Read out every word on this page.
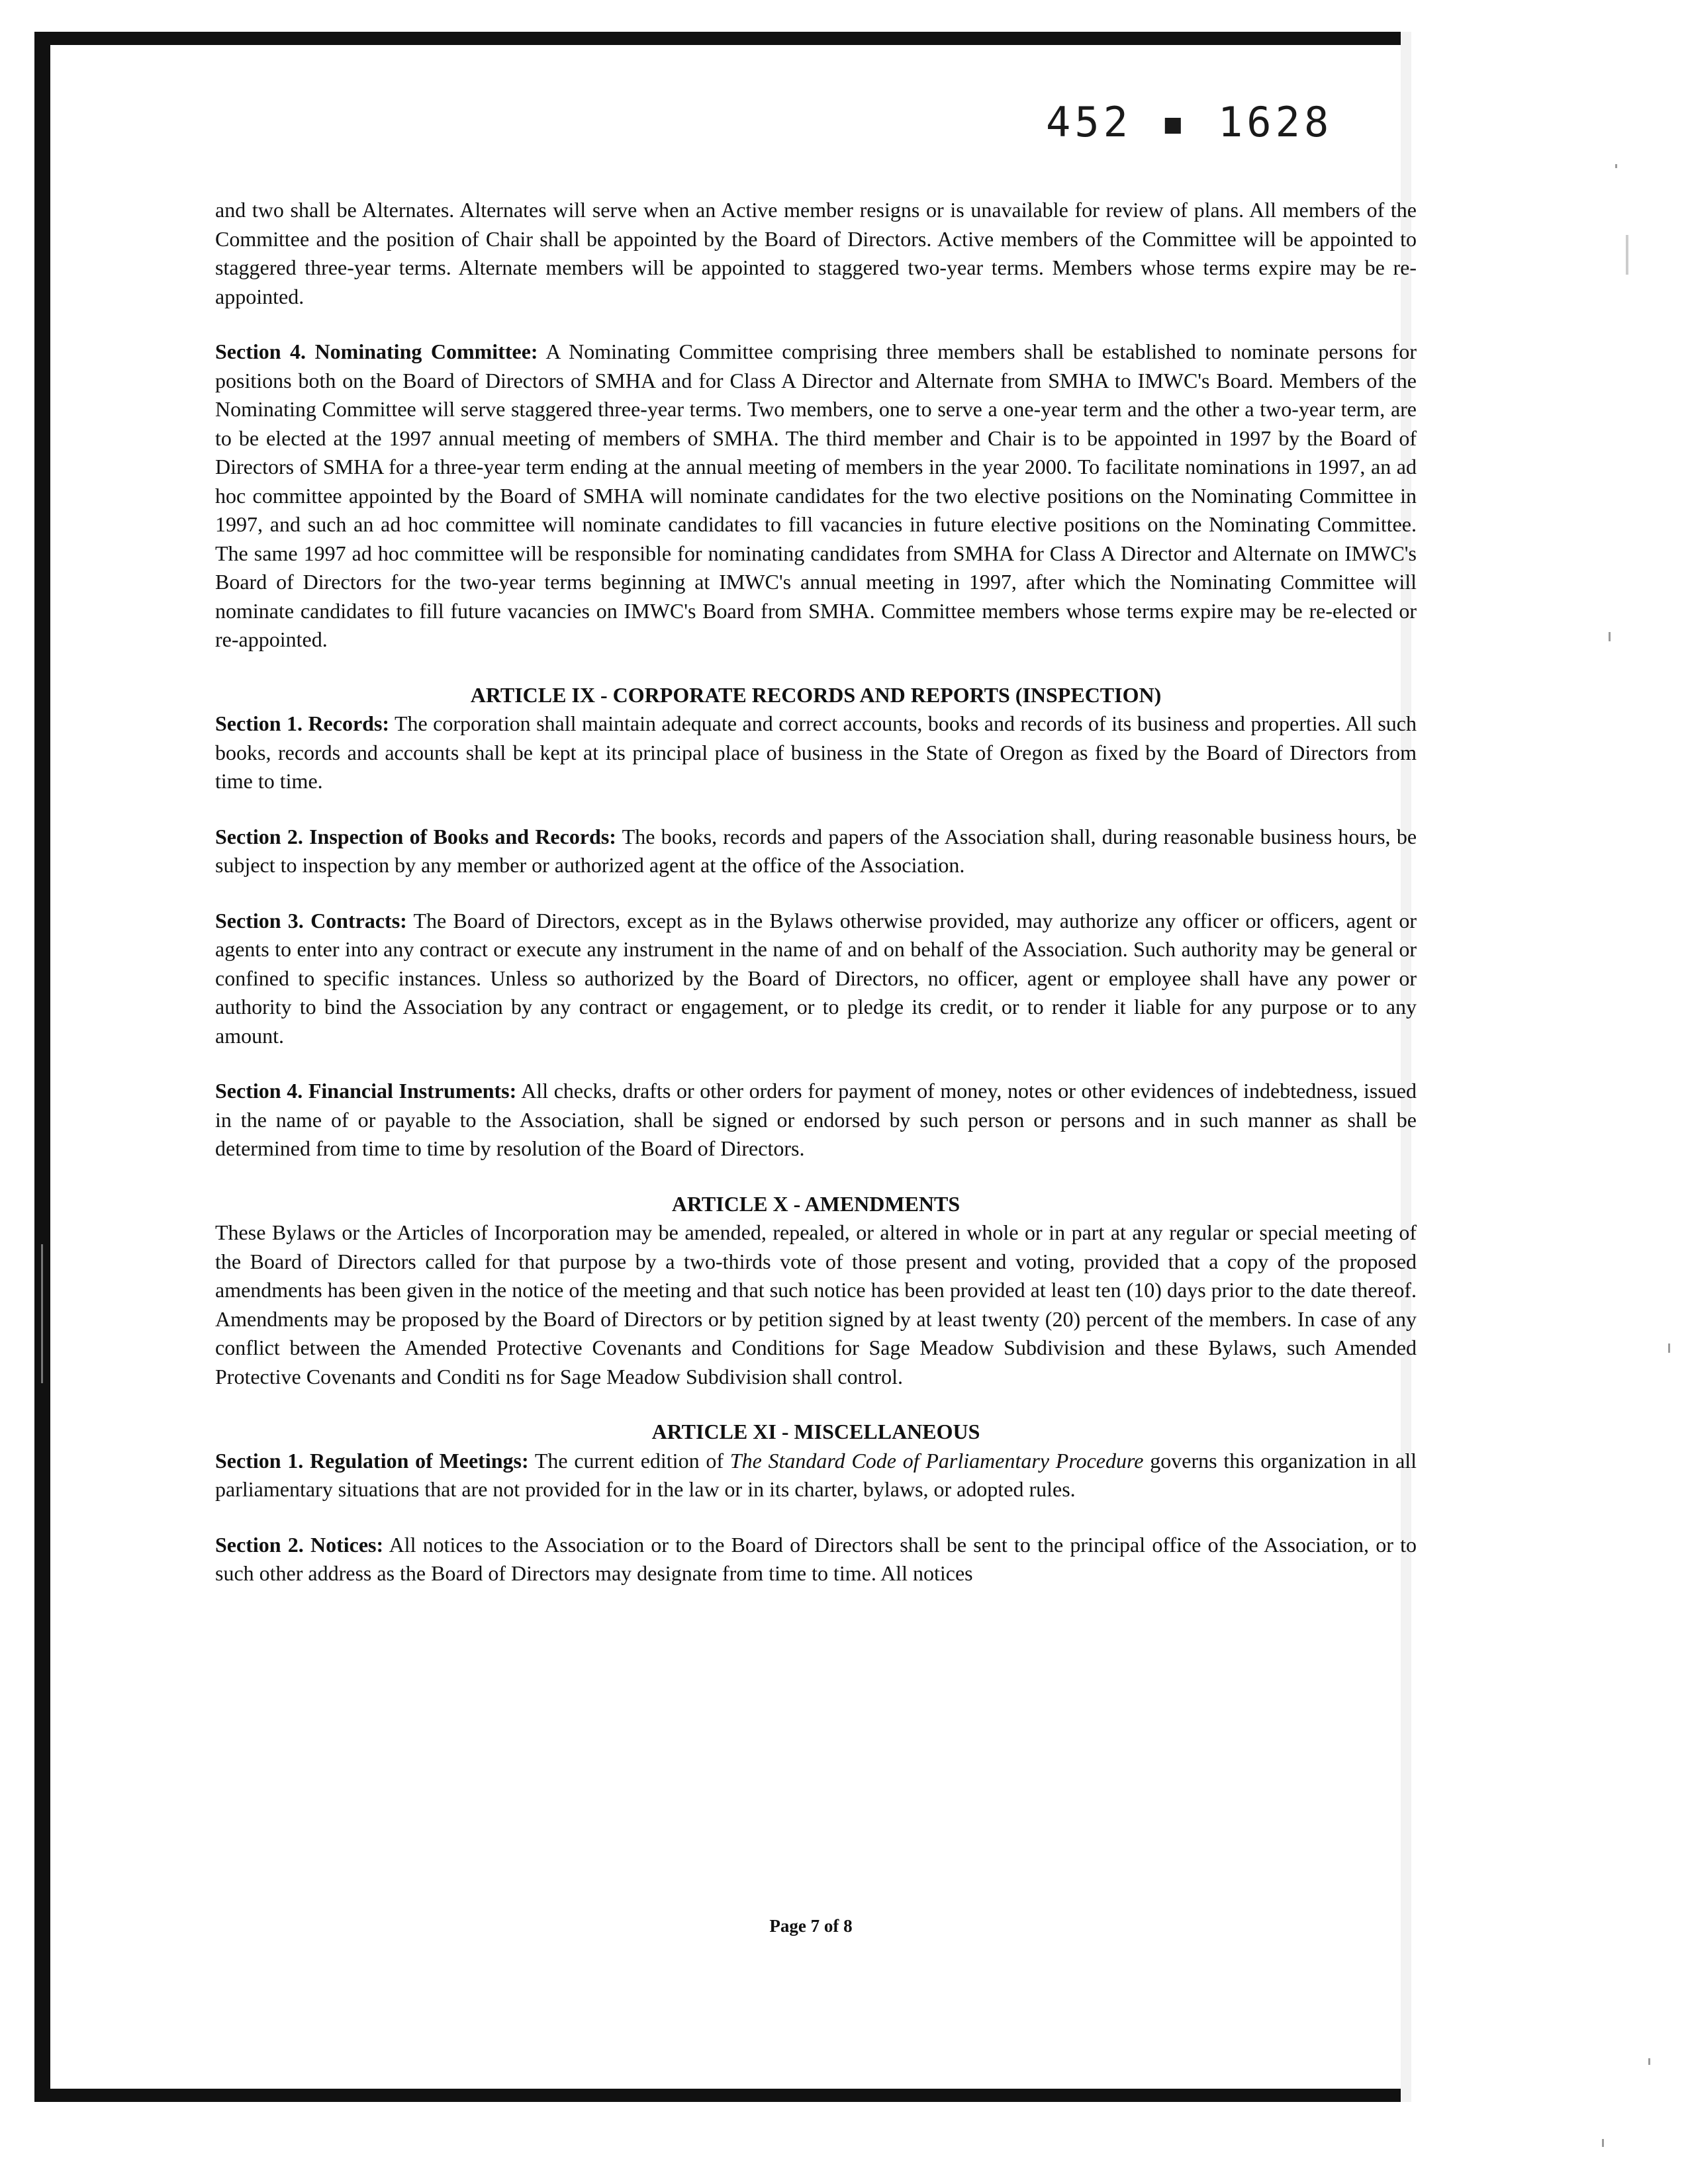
452 ▪ 1628

and two shall be Alternates. Alternates will serve when an Active member resigns or is unavailable for review of plans. All members of the Committee and the position of Chair shall be appointed by the Board of Directors. Active members of the Committee will be appointed to staggered three-year terms. Alternate members will be appointed to staggered two-year terms. Members whose terms expire may be re-appointed.

Section 4. Nominating Committee: A Nominating Committee comprising three members shall be established to nominate persons for positions both on the Board of Directors of SMHA and for Class A Director and Alternate from SMHA to IMWC's Board. Members of the Nominating Committee will serve staggered three-year terms. Two members, one to serve a one-year term and the other a two-year term, are to be elected at the 1997 annual meeting of members of SMHA. The third member and Chair is to be appointed in 1997 by the Board of Directors of SMHA for a three-year term ending at the annual meeting of members in the year 2000. To facilitate nominations in 1997, an ad hoc committee appointed by the Board of SMHA will nominate candidates for the two elective positions on the Nominating Committee in 1997, and such an ad hoc committee will nominate candidates to fill vacancies in future elective positions on the Nominating Committee. The same 1997 ad hoc committee will be responsible for nominating candidates from SMHA for Class A Director and Alternate on IMWC's Board of Directors for the two-year terms beginning at IMWC's annual meeting in 1997, after which the Nominating Committee will nominate candidates to fill future vacancies on IMWC's Board from SMHA. Committee members whose terms expire may be re-elected or re-appointed.

ARTICLE IX - CORPORATE RECORDS AND REPORTS (INSPECTION)

Section 1. Records: The corporation shall maintain adequate and correct accounts, books and records of its business and properties. All such books, records and accounts shall be kept at its principal place of business in the State of Oregon as fixed by the Board of Directors from time to time.

Section 2. Inspection of Books and Records: The books, records and papers of the Association shall, during reasonable business hours, be subject to inspection by any member or authorized agent at the office of the Association.

Section 3. Contracts: The Board of Directors, except as in the Bylaws otherwise provided, may authorize any officer or officers, agent or agents to enter into any contract or execute any instrument in the name of and on behalf of the Association. Such authority may be general or confined to specific instances. Unless so authorized by the Board of Directors, no officer, agent or employee shall have any power or authority to bind the Association by any contract or engagement, or to pledge its credit, or to render it liable for any purpose or to any amount.

Section 4. Financial Instruments: All checks, drafts or other orders for payment of money, notes or other evidences of indebtedness, issued in the name of or payable to the Association, shall be signed or endorsed by such person or persons and in such manner as shall be determined from time to time by resolution of the Board of Directors.

ARTICLE X - AMENDMENTS

These Bylaws or the Articles of Incorporation may be amended, repealed, or altered in whole or in part at any regular or special meeting of the Board of Directors called for that purpose by a two-thirds vote of those present and voting, provided that a copy of the proposed amendments has been given in the notice of the meeting and that such notice has been provided at least ten (10) days prior to the date thereof. Amendments may be proposed by the Board of Directors or by petition signed by at least twenty (20) percent of the members. In case of any conflict between the Amended Protective Covenants and Conditions for Sage Meadow Subdivision and these Bylaws, such Amended Protective Covenants and Conditi ns for Sage Meadow Subdivision shall control.

ARTICLE XI - MISCELLANEOUS

Section 1. Regulation of Meetings: The current edition of The Standard Code of Parliamentary Procedure governs this organization in all parliamentary situations that are not provided for in the law or in its charter, bylaws, or adopted rules.

Section 2. Notices: All notices to the Association or to the Board of Directors shall be sent to the principal office of the Association, or to such other address as the Board of Directors may designate from time to time. All notices

Page 7 of 8
